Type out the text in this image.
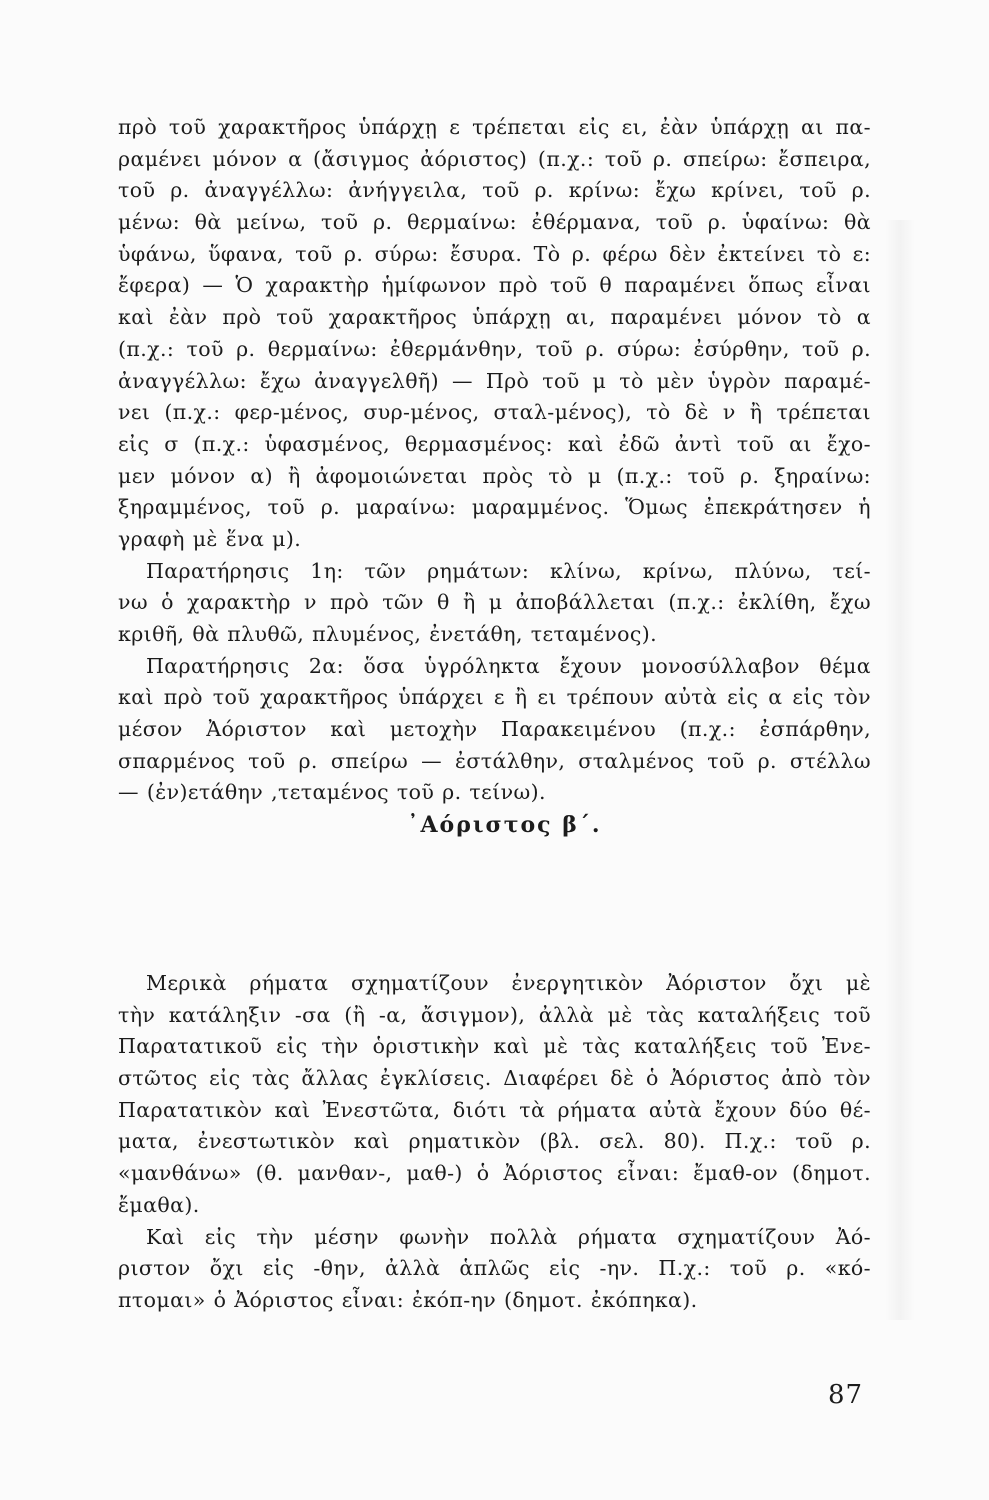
πρὸ τοῦ χαρακτῆρος ὑπάρχῃ ε τρέπεται εἰς ει, ἐὰν ὑπάρχῃ αι πα-
ραμένει μόνον α (ἄσιγμος ἀόριστος) (π.χ.: τοῦ ρ. σπείρω: ἔσπειρα,
τοῦ ρ. ἀναγγέλλω: ἀνήγγειλα, τοῦ ρ. κρίνω: ἔχω κρίνει, τοῦ ρ.
μένω: θὰ μείνω, τοῦ ρ. θερμαίνω: ἐθέρμανα, τοῦ ρ. ὑφαίνω: θὰ
ὑφάνω, ὕφανα, τοῦ ρ. σύρω: ἔσυρα. Τὸ ρ. φέρω δὲν ἐκτείνει τὸ ε:
ἔφερα) — Ὁ χαρακτὴρ ἡμίφωνον πρὸ τοῦ θ παραμένει ὅπως εἶναι
καὶ ἐὰν πρὸ τοῦ χαρακτῆρος ὑπάρχῃ αι, παραμένει μόνον τὸ α
(π.χ.: τοῦ ρ. θερμαίνω: ἐθερμάνθην, τοῦ ρ. σύρω: ἐσύρθην, τοῦ ρ.
ἀναγγέλλω: ἔχω ἀναγγελθῆ) — Πρὸ τοῦ μ τὸ μὲν ὑγρὸν παραμέ-
νει (π.χ.: φερ-μένος, συρ-μένος, σταλ-μένος), τὸ δὲ ν ἢ τρέπεται
εἰς σ (π.χ.: ὑφασμένος, θερμασμένος: καὶ ἐδῶ ἀντὶ τοῦ αι ἔχο-
μεν μόνον α) ἢ ἀφομοιώνεται πρὸς τὸ μ (π.χ.: τοῦ ρ. ξηραίνω:
ξηραμμένος, τοῦ ρ. μαραίνω: μαραμμένος. Ὅμως ἐπεκράτησεν ἡ
γραφὴ μὲ ἕνα μ).
Παρατήρησις 1η: τῶν ρημάτων: κλίνω, κρίνω, πλύνω, τεί-
νω ὁ χαρακτὴρ ν πρὸ τῶν θ ἢ μ ἀποβάλλεται (π.χ.: ἐκλίθη, ἔχω
κριθῆ, θὰ πλυθῶ, πλυμένος, ἐνετάθη, τεταμένος).
Παρατήρησις 2α: ὅσα ὑγρόληκτα ἔχουν μονοσύλλαβον θέμα
καὶ πρὸ τοῦ χαρακτῆρος ὑπάρχει ε ἢ ει τρέπουν αὐτὰ εἰς α εἰς τὸν
μέσον Ἀόριστον καὶ μετοχὴν Παρακειμένου (π.χ.: ἐσπάρθην,
σπαρμένος τοῦ ρ. σπείρω — ἐστάλθην, σταλμένος τοῦ ρ. στέλλω
— (ἐν)ετάθην ,τεταμένος τοῦ ρ. τείνω).
᾿Αόριστος β΄.
Μερικὰ ρήματα σχηματίζουν ἐνεργητικὸν Ἀόριστον ὄχι μὲ
τὴν κατάληξιν -σα (ἢ -α, ἄσιγμον), ἀλλὰ μὲ τὰς καταλήξεις τοῦ
Παρατατικοῦ εἰς τὴν ὁριστικὴν καὶ μὲ τὰς καταλήξεις τοῦ Ἐνε-
στῶτος εἰς τὰς ἄλλας ἐγκλίσεις. Διαφέρει δὲ ὁ Ἀόριστος ἀπὸ τὸν
Παρατατικὸν καὶ Ἐνεστῶτα, διότι τὰ ρήματα αὐτὰ ἔχουν δύο θέ-
ματα, ἐνεστωτικὸν καὶ ρηματικὸν (βλ. σελ. 80). Π.χ.: τοῦ ρ.
«μανθάνω» (θ. μανθαν-, μαθ-) ὁ Ἀόριστος εἶναι: ἔμαθ-ον (δημοτ.
ἔμαθα).
Καὶ εἰς τὴν μέσην φωνὴν πολλὰ ρήματα σχηματίζουν Ἀό-
ριστον ὄχι εἰς -θην, ἀλλὰ ἁπλῶς εἰς -ην. Π.χ.: τοῦ ρ. «κό-
πτομαι» ὁ Ἀόριστος εἶναι: ἐκόπ-ην (δημοτ. ἐκόπηκα).
87
